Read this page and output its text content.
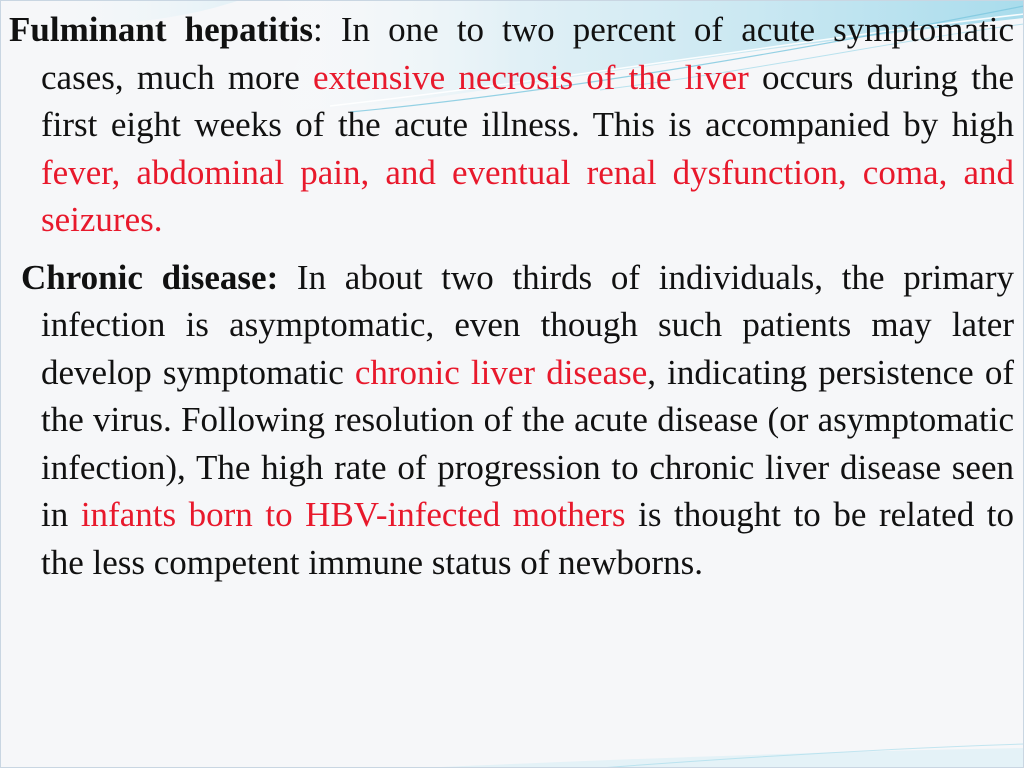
Fulminant hepatitis: In one to two percent of acute symptomatic cases, much more extensive necrosis of the liver occurs during the first eight weeks of the acute illness. This is accompanied by high fever, abdominal pain, and eventual renal dysfunction, coma, and seizures.

Chronic disease: In about two thirds of individuals, the primary infection is asymptomatic, even though such patients may later develop symptomatic chronic liver disease, indicating persistence of the virus. Following resolution of the acute disease (or asymptomatic infection), The high rate of progression to chronic liver disease seen in infants born to HBV-infected mothers is thought to be related to the less competent immune status of newborns.
